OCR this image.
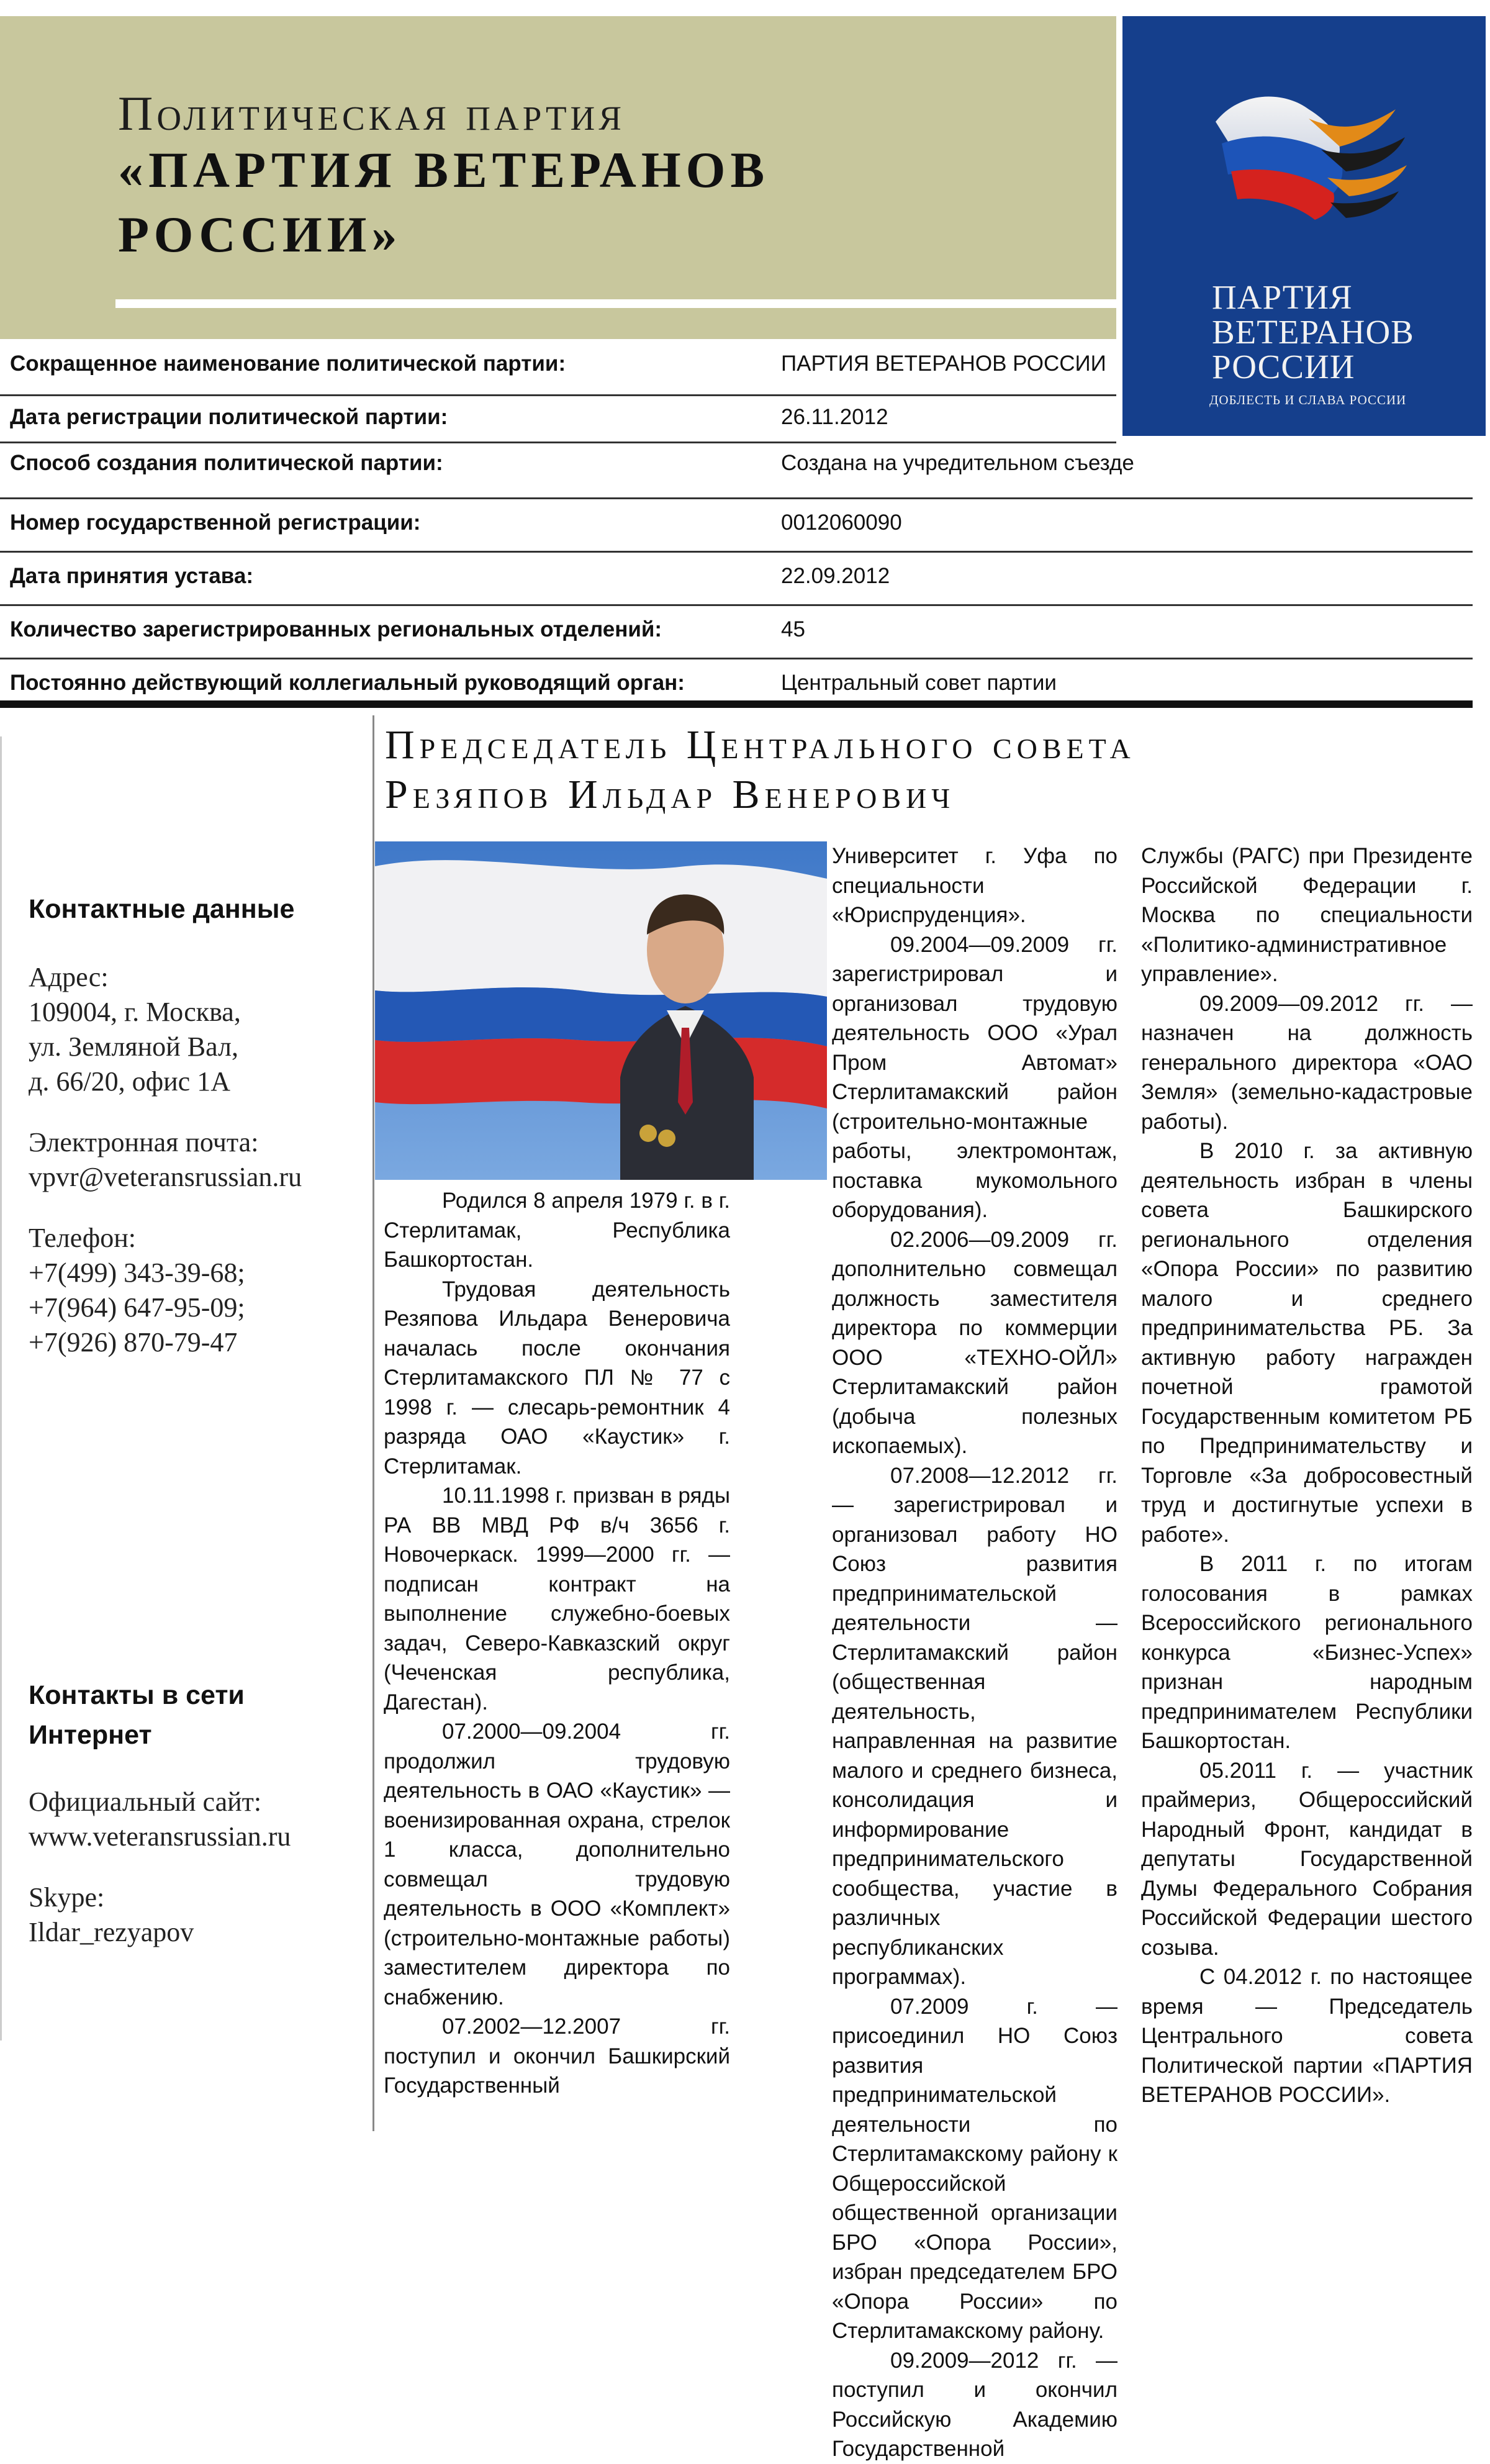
Политическая партия
«ПАРТИЯ ВЕТЕРАНОВ РОССИИ»
ПАРТИЯ
ВЕТЕРАНОВ
РОССИИ
ДОБЛЕСТЬ И СЛАВА РОССИИ
Сокращенное наименование политической партии:	ПАРТИЯ ВЕТЕРАНОВ РОССИИ
Дата регистрации политической партии:	26.11.2012
Способ создания политической партии:	Создана на учредительном съезде
Номер государственной регистрации:	0012060090
Дата принятия устава:	22.09.2012
Количество зарегистрированных региональных отделений:	45
Постоянно действующий коллегиальный руководящий орган:	Центральный совет партии
Председатель Центрального совета
Резяпов Ильдар Венерович
Контактные данные
Адрес:
109004, г. Москва,
ул. Земляной Вал,
д. 66/20, офис 1А
Электронная почта:
vpvr@veteransrussian.ru
Телефон:
+7(499) 343-39-68;
+7(964) 647-95-09;
+7(926) 870-79-47
Контакты в сети
Интернет
Официальный сайт:
www.veteransrussian.ru
Skype:
Ildar_rezyapov

Родился 8 апреля 1979 г. в г. Стерлитамак, Республика Башкортостан.

Трудовая деятельность Резяпова Ильдара Венеровича началась после окончания Стерлитамакского ПЛ № 77 с 1998 г. — слесарь-ремонтник 4 разряда ОАО «Каустик» г. Стерлитамак.

10.11.1998 г. призван в ряды РА ВВ МВД РФ в/ч 3656 г. Новочеркаск. 1999—2000 гг. — подписан контракт на выполнение служебно-боевых задач, Северо-Кавказский округ (Чеченская республика, Дагестан).

07.2000—09.2004 гг. продолжил трудовую деятельность в ОАО «Каустик» — военизированная охрана, стрелок 1 класса, дополнительно совмещал трудовую деятельность в ООО «Комплект» (строительно-монтажные работы) заместителем директора по снабжению.

07.2002—12.2007 гг. поступил и окончил Башкирский Государственный

Университет г. Уфа по специальности «Юриспруденция».

09.2004—09.2009 гг. зарегистрировал и организовал трудовую деятельность ООО «Урал Пром Автомат» Стерлитамакский район (строительно-монтажные работы, электромонтаж, поставка мукомольного оборудования).

02.2006—09.2009 гг. дополнительно совмещал должность заместителя директора по коммерции ООО «ТЕХНО-ОЙЛ» Стерлитамакский район (добыча полезных ископаемых).

07.2008—12.2012 гг. — зарегистрировал и организовал работу НО Союз развития предпринимательской деятельности — Стерлитамакский район (общественная деятельность, направленная на развитие малого и среднего бизнеса, консолидация и информирование предпринимательского сообщества, участие в различных республиканских программах).

07.2009 г. — присоединил НО Союз развития предпринимательской деятельности по Стерлитамакскому району к Общероссийской общественной организации БРО «Опора России», избран председателем БРО «Опора России» по Стерлитамакскому району.

09.2009—2012 гг. — поступил и окончил Российскую Академию Государственной

Службы (РАГС) при Президенте Российской Федерации г. Москва по специальности «Политико-административное управление».

09.2009—09.2012 гг. — назначен на должность генерального директора «ОАО Земля» (земельно-кадастровые работы).

В 2010 г. за активную деятельность избран в члены совета Башкирского регионального отделения «Опора России» по развитию малого и среднего предпринимательства РБ. За активную работу награжден почетной грамотой Государственным комитетом РБ по Предпринимательству и Торговле «За добросовестный труд и достигнутые успехи в работе».

В 2011 г. по итогам голосования в рамках Всероссийского регионального конкурса «Бизнес-Успех» признан народным предпринимателем Республики Башкортостан.

05.2011 г. — участник праймериз, Общероссийский Народный Фронт, кандидат в депутаты Государственной Думы Федерального Собрания Российской Федерации шестого созыва.

С 04.2012 г. по настоящее время — Председатель Центрального совета Политической партии «ПАРТИЯ ВЕТЕРАНОВ РОССИИ».
